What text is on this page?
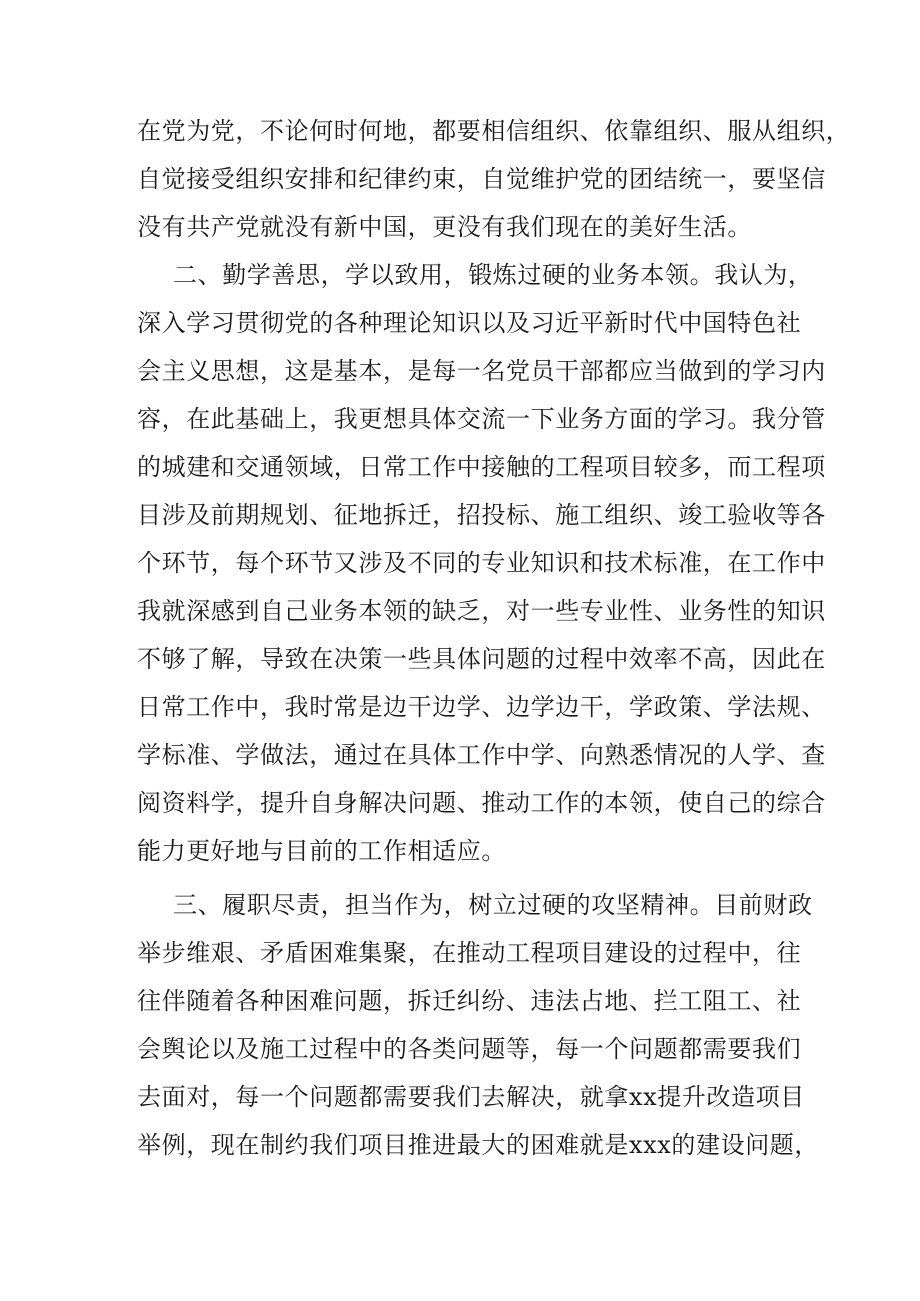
在党为党，不论何时何地，都要相信组织、依靠组织、服从组织，
自觉接受组织安排和纪律约束，自觉维护党的团结统一，要坚信
没有共产党就没有新中国，更没有我们现在的美好生活。
二、勤学善思，学以致用，锻炼过硬的业务本领。我认为，
深入学习贯彻党的各种理论知识以及习近平新时代中国特色社
会主义思想，这是基本，是每一名党员干部都应当做到的学习内
容，在此基础上，我更想具体交流一下业务方面的学习。我分管
的城建和交通领域，日常工作中接触的工程项目较多，而工程项
目涉及前期规划、征地拆迁，招投标、施工组织、竣工验收等各
个环节，每个环节又涉及不同的专业知识和技术标准，在工作中
我就深感到自己业务本领的缺乏，对一些专业性、业务性的知识
不够了解，导致在决策一些具体问题的过程中效率不高，因此在
日常工作中，我时常是边干边学、边学边干，学政策、学法规、
学标准、学做法，通过在具体工作中学、向熟悉情况的人学、查
阅资料学，提升自身解决问题、推动工作的本领，使自己的综合
能力更好地与目前的工作相适应。
三、履职尽责，担当作为，树立过硬的攻坚精神。目前财政
举步维艰、矛盾困难集聚，在推动工程项目建设的过程中，往
往伴随着各种困难问题，拆迁纠纷、违法占地、拦工阻工、社
会舆论以及施工过程中的各类问题等，每一个问题都需要我们
去面对，每一个问题都需要我们去解决，就拿xx提升改造项目
举例，现在制约我们项目推进最大的困难就是xxx的建设问题，
